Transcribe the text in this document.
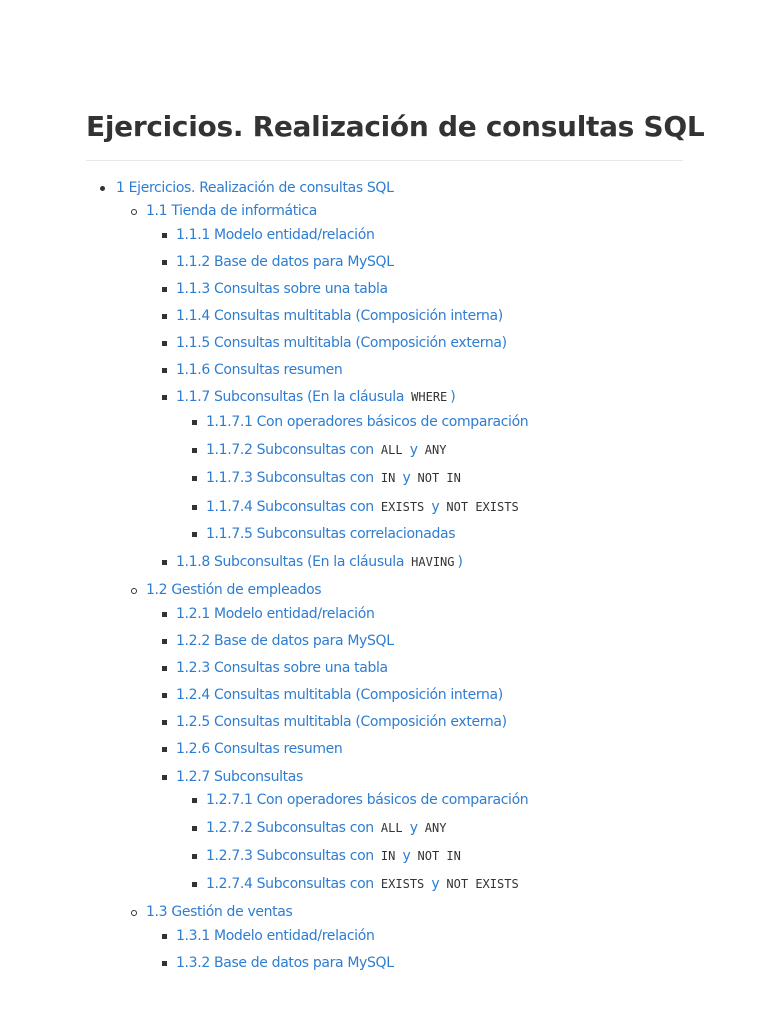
Ejercicios. Realización de consultas SQL
1 Ejercicios. Realización de consultas SQL
1.1 Tienda de informática
1.1.1 Modelo entidad/relación
1.1.2 Base de datos para MySQL
1.1.3 Consultas sobre una tabla
1.1.4 Consultas multitabla (Composición interna)
1.1.5 Consultas multitabla (Composición externa)
1.1.6 Consultas resumen
1.1.7 Subconsultas (En la cláusula WHERE )
1.1.7.1 Con operadores básicos de comparación
1.1.7.2 Subconsultas con ALL y ANY
1.1.7.3 Subconsultas con IN y NOT IN
1.1.7.4 Subconsultas con EXISTS y NOT EXISTS
1.1.7.5 Subconsultas correlacionadas
1.1.8 Subconsultas (En la cláusula HAVING )
1.2 Gestión de empleados
1.2.1 Modelo entidad/relación
1.2.2 Base de datos para MySQL
1.2.3 Consultas sobre una tabla
1.2.4 Consultas multitabla (Composición interna)
1.2.5 Consultas multitabla (Composición externa)
1.2.6 Consultas resumen
1.2.7 Subconsultas
1.2.7.1 Con operadores básicos de comparación
1.2.7.2 Subconsultas con ALL y ANY
1.2.7.3 Subconsultas con IN y NOT IN
1.2.7.4 Subconsultas con EXISTS y NOT EXISTS
1.3 Gestión de ventas
1.3.1 Modelo entidad/relación
1.3.2 Base de datos para MySQL
